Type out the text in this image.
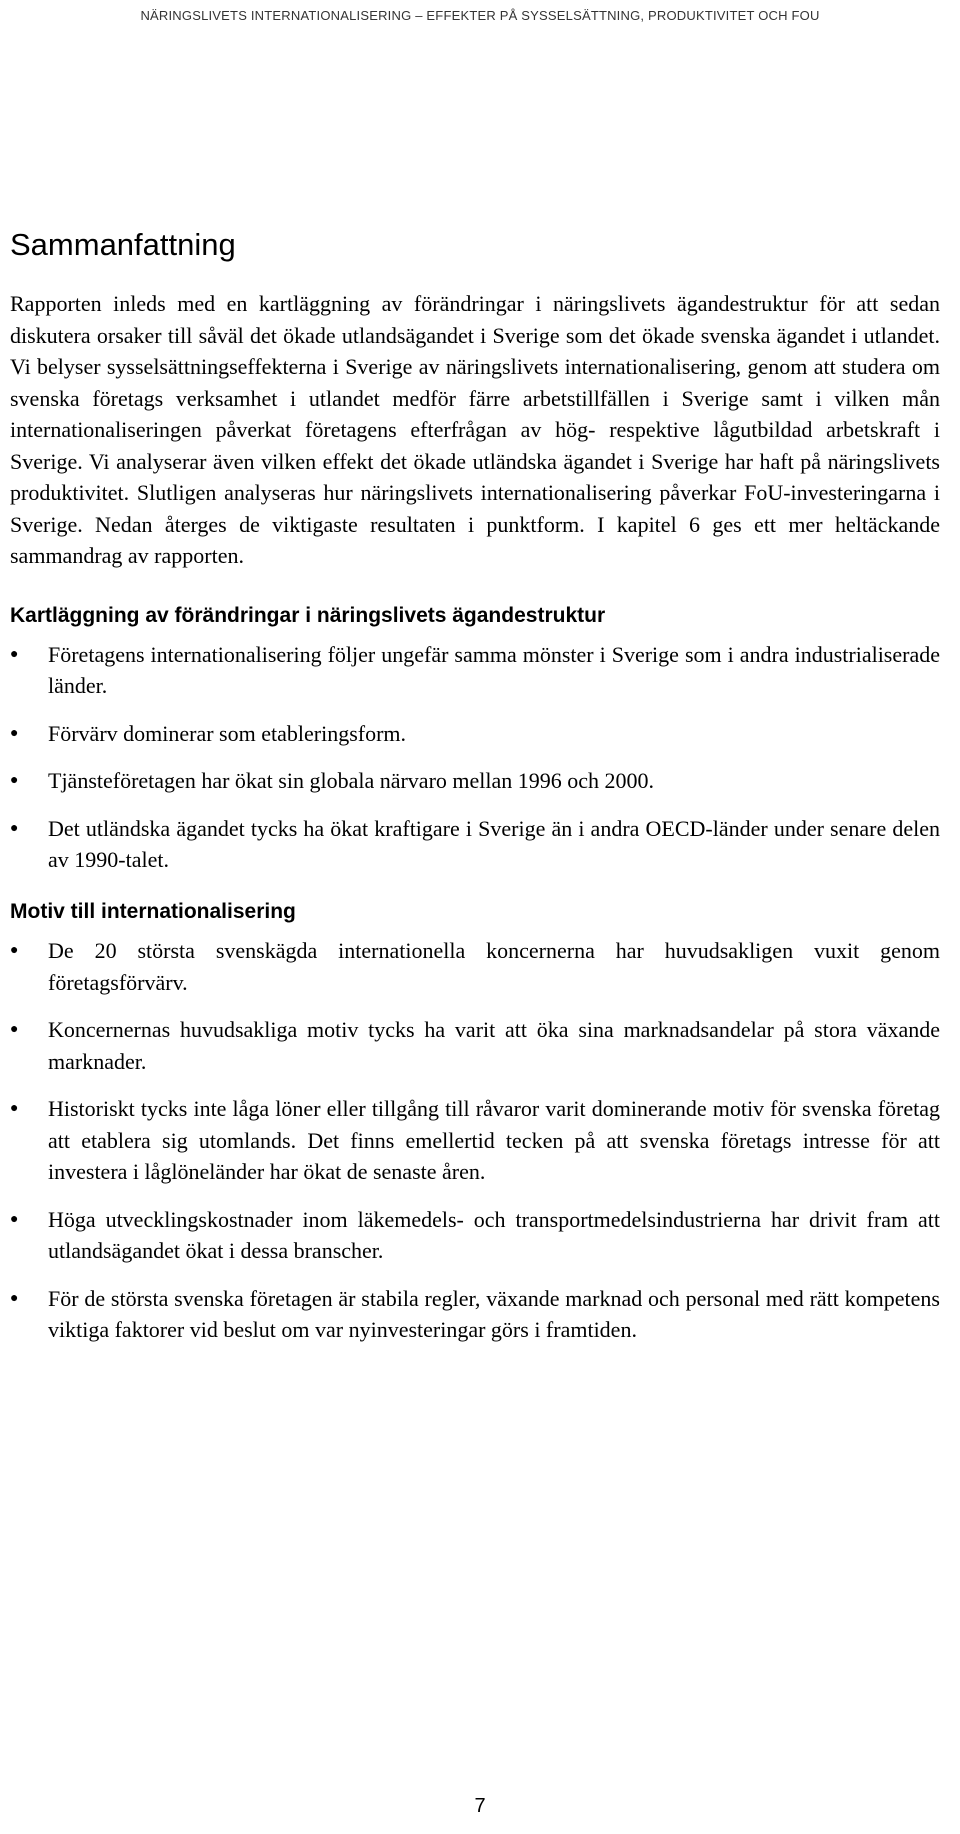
NÄRINGSLIVETS INTERNATIONALISERING – EFFEKTER PÅ SYSSELSÄTTNING, PRODUKTIVITET OCH FOU
Sammanfattning

Rapporten inleds med en kartläggning av förändringar i näringslivets ägandestruktur för att sedan diskutera orsaker till såväl det ökade utlandsägandet i Sverige som det ökade svenska ägandet i utlandet. Vi belyser sysselsättningseffekterna i Sverige av näringslivets internationalisering, genom att studera om svenska företags verksamhet i utlandet medför färre arbetstillfällen i Sverige samt i vilken mån internationaliseringen påverkat företagens efterfrågan av hög- respektive lågutbildad arbetskraft i Sverige. Vi analyserar även vilken effekt det ökade utländska ägandet i Sverige har haft på näringslivets produktivitet. Slutligen analyseras hur näringslivets internationalisering påverkar FoU-investeringarna i Sverige. Nedan återges de viktigaste resultaten i punktform. I kapitel 6 ges ett mer heltäckande sammandrag av rapporten.

Kartläggning av förändringar i näringslivets ägandestruktur
● Företagens internationalisering följer ungefär samma mönster i Sverige som i andra industrialiserade länder.
● Förvärv dominerar som etableringsform.
● Tjänsteföretagen har ökat sin globala närvaro mellan 1996 och 2000.
● Det utländska ägandet tycks ha ökat kraftigare i Sverige än i andra OECD-länder under senare delen av 1990-talet.
Motiv till internationalisering
● De 20 största svenskägda internationella koncernerna har huvudsakligen vuxit genom företagsförvärv.
● Koncernernas huvudsakliga motiv tycks ha varit att öka sina marknadsandelar på stora växande marknader.
● Historiskt tycks inte låga löner eller tillgång till råvaror varit dominerande motiv för svenska företag att etablera sig utomlands. Det finns emellertid tecken på att svenska företags intresse för att investera i låglöneländer har ökat de senaste åren.
● Höga utvecklingskostnader inom läkemedels- och transportmedelsindustrierna har drivit fram att utlandsägandet ökat i dessa branscher.
● För de största svenska företagen är stabila regler, växande marknad och personal med rätt kompetens viktiga faktorer vid beslut om var nyinvesteringar görs i framtiden.
7
